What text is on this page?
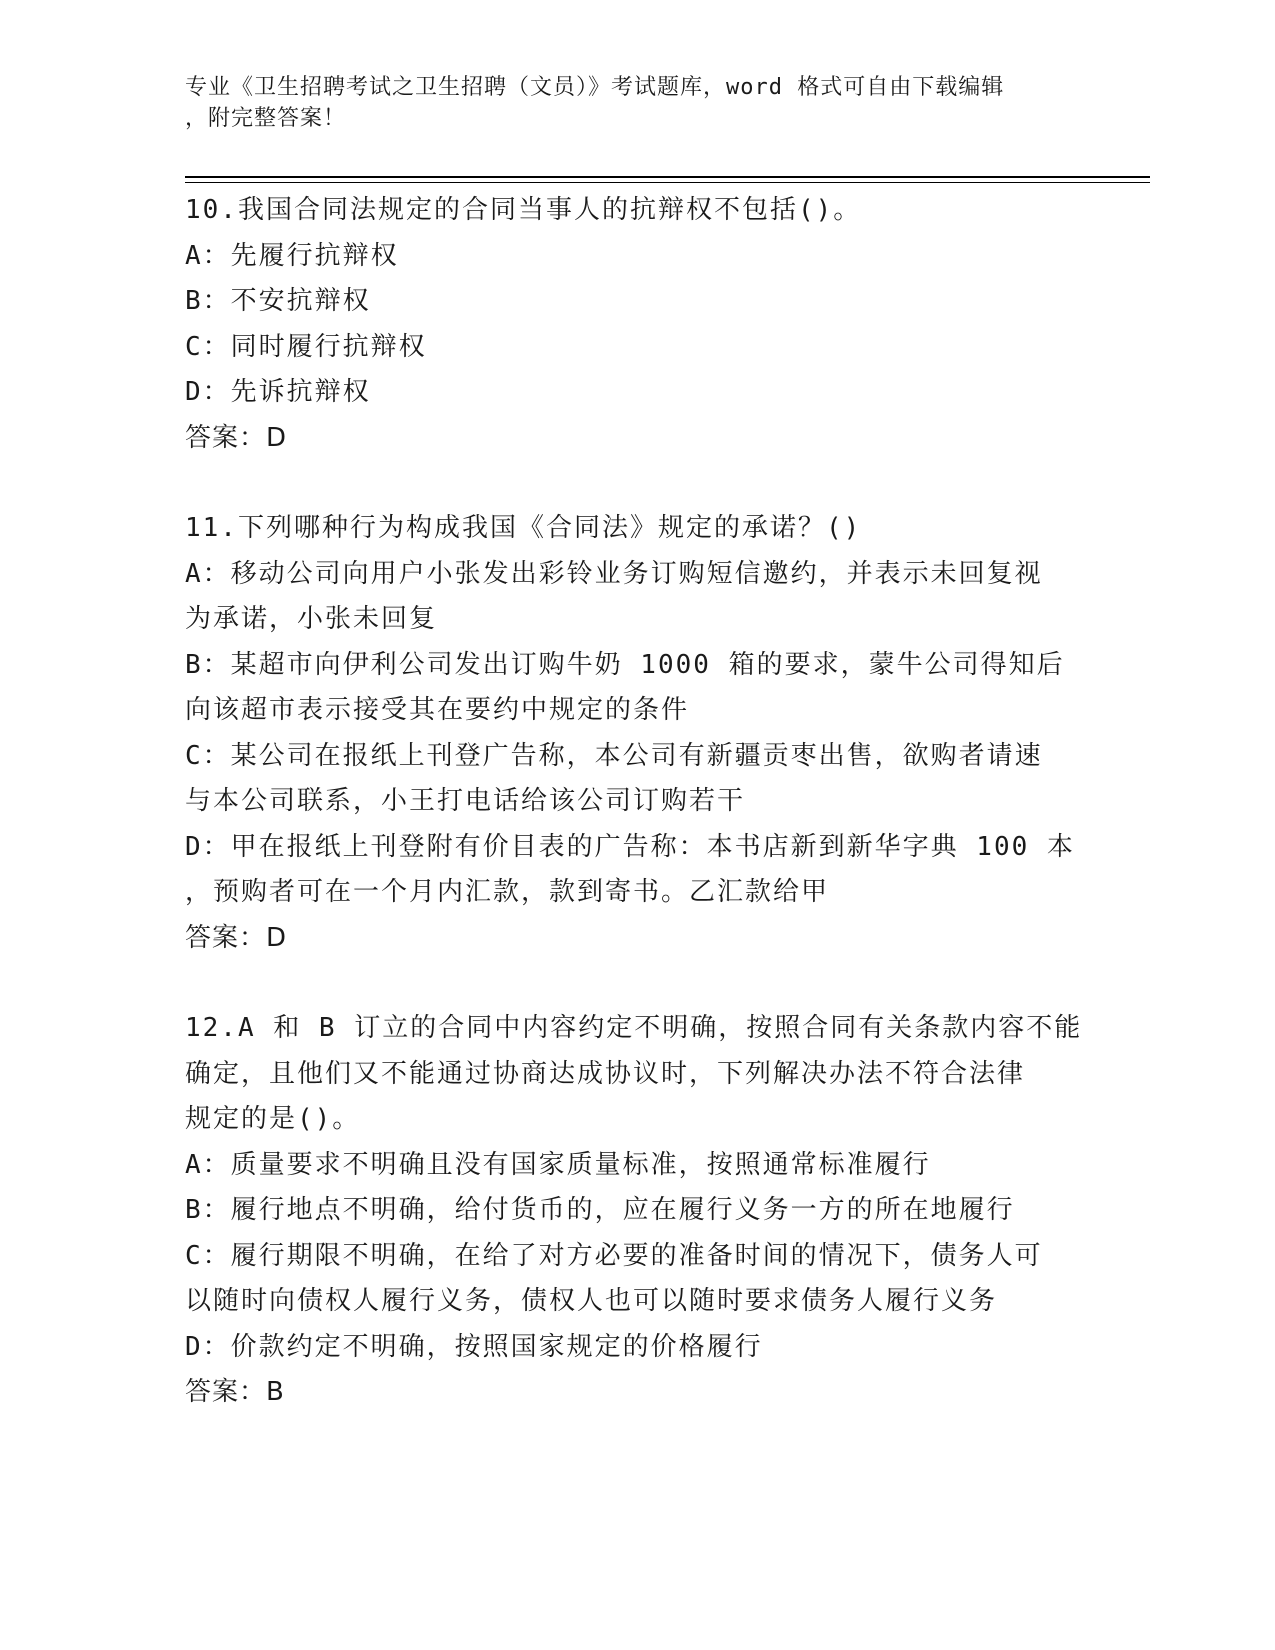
专业《卫生招聘考试之卫生招聘（文员）》考试题库，word 格式可自由下载编辑
，附完整答案！
10.我国合同法规定的合同当事人的抗辩权不包括()。
A：先履行抗辩权
B：不安抗辩权
C：同时履行抗辩权
D：先诉抗辩权
答案：D
11.下列哪种行为构成我国《合同法》规定的承诺？()
A：移动公司向用户小张发出彩铃业务订购短信邀约，并表示未回复视
为承诺，小张未回复
B：某超市向伊利公司发出订购牛奶 1000 箱的要求，蒙牛公司得知后
向该超市表示接受其在要约中规定的条件
C：某公司在报纸上刊登广告称，本公司有新疆贡枣出售，欲购者请速
与本公司联系，小王打电话给该公司订购若干
D：甲在报纸上刊登附有价目表的广告称：本书店新到新华字典 100 本
，预购者可在一个月内汇款，款到寄书。乙汇款给甲
答案：D
12.A 和 B 订立的合同中内容约定不明确，按照合同有关条款内容不能
确定，且他们又不能通过协商达成协议时，下列解决办法不符合法律
规定的是()。
A：质量要求不明确且没有国家质量标准，按照通常标准履行
B：履行地点不明确，给付货币的，应在履行义务一方的所在地履行
C：履行期限不明确，在给了对方必要的准备时间的情况下，债务人可
以随时向债权人履行义务，债权人也可以随时要求债务人履行义务
D：价款约定不明确，按照国家规定的价格履行
答案：B
